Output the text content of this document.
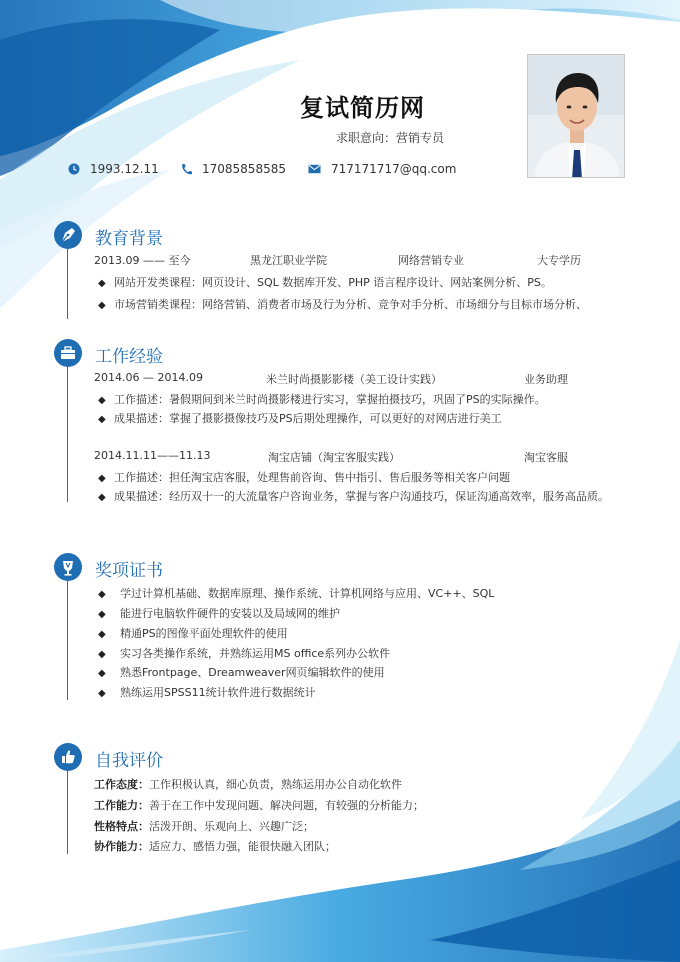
复试简历网
求职意向：营销专员
1993.12.11	17085858585	717171717@qq.com
教育背景
2013.09 —— 至今	黑龙江职业学院	网络营销专业	大专学历
◆ 网站开发类课程：网页设计、SQL 数据库开发、PHP 语言程序设计、网站案例分析、PS。
◆ 市场营销类课程：网络营销、消费者市场及行为分析、竞争对手分析、市场细分与目标市场分析、
工作经验
2014.06 — 2014.09	米兰时尚摄影影楼（美工设计实践）	业务助理
◆ 工作描述：暑假期间到米兰时尚摄影楼进行实习，掌握拍摄技巧，巩固了PS的实际操作。
◆ 成果描述：掌握了摄影摄像技巧及PS后期处理操作，可以更好的对网店进行美工
2014.11.11——11.13	淘宝店铺（淘宝客服实践）	淘宝客服
◆ 工作描述：担任淘宝店客服，处理售前咨询、售中指引、售后服务等相关客户问题
◆ 成果描述：经历双十一的大流量客户咨询业务，掌握与客户沟通技巧，保证沟通高效率，服务高品质。
奖项证书
◆ 学过计算机基础、数据库原理、操作系统、计算机网络与应用、VC++、SQL
◆ 能进行电脑软件硬件的安装以及局域网的维护
◆ 精通PS的图像平面处理软件的使用
◆ 实习各类操作系统，并熟练运用MS office系列办公软件
◆ 熟悉Frontpage、Dreamweaver网页编辑软件的使用
◆ 熟练运用SPSS11统计软件进行数据统计
自我评价
工作态度：工作积极认真，细心负责，熟练运用办公自动化软件
工作能力：善于在工作中发现问题、解决问题，有较强的分析能力；
性格特点：活泼开朗、乐观向上、兴趣广泛；
协作能力：适应力、感悟力强，能很快融入团队；
